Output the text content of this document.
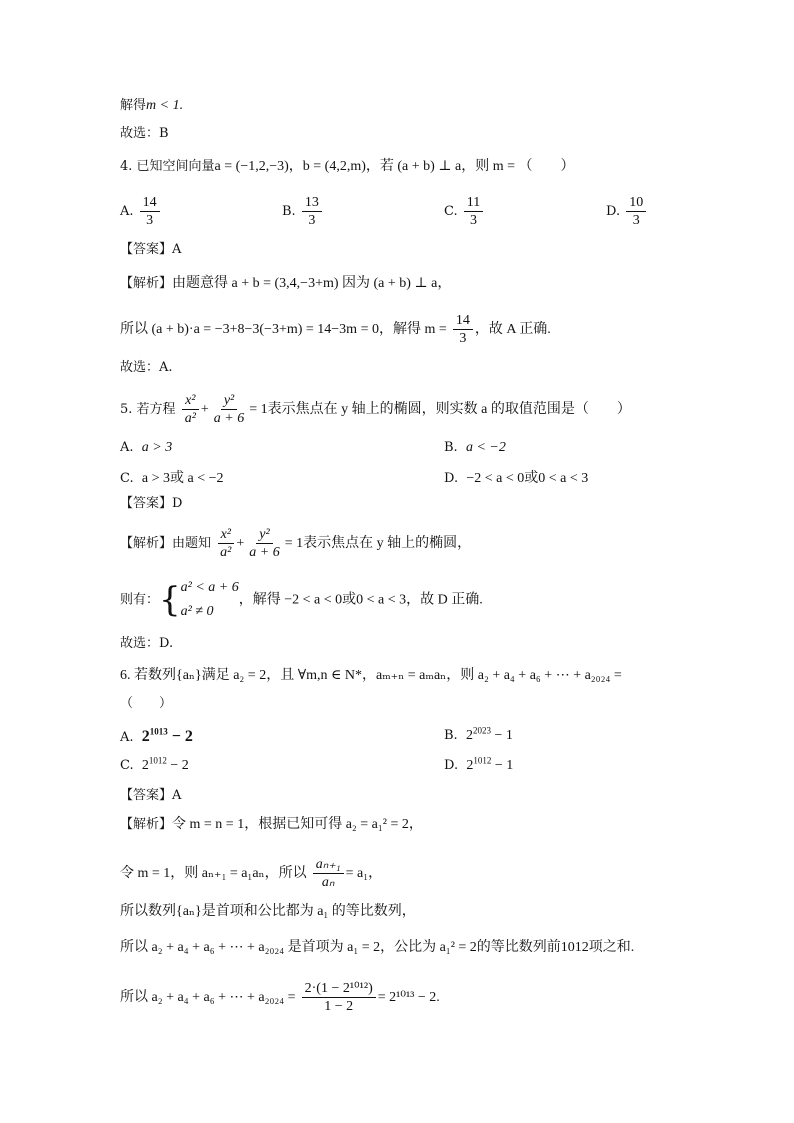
解得m < 1.
故选：B
4. 已知空间向量a = (−1,2,−3)，b = (4,2,m)，若 (a + b) ⊥ a，则 m = （　　）
A. $\frac{14}{3}$	B. $\frac{13}{3}$	C. $\frac{11}{3}$	D. $\frac{10}{3}$
【答案】A
【解析】由题意得 a + b = (3,4,−3+m) 因为 (a + b) ⊥ a，
所以 (a + b)·a = −3+8−3(−3+m) = 14−3m = 0，解得 $m = \frac{14}{3}$ ，故 A 正确.
故选：A.
5. 若方程 $\frac{\text{x²}}{\text{a²}} + \frac{\text{y²}}{a + 6} = 1$表示焦点在 y 轴上的椭圆，则实数 a 的取值范围是（　　）
A. a > 3	B. a < −2
C. a > 3或 a < −2	D. −2 < a < 0或0 < a < 3
【答案】D
【解析】由题知 $\frac{\text{x²}}{\text{a²}} + \frac{\text{y²}}{a + 6} = 1$表示焦点在 y 轴上的椭圆，
则有：{ a² < a + 6
a² ≠ 0
，解得 −2 < a < 0或0 < a < 3，故 D 正确.
故选：D.
6. 若数列{aₙ}满足 a₂ = 2，且 ∀m,n ∈ N*，aₘ₊ₙ = aₘaₙ，则 a₂ + a₄ + a₆ + ⋯ + a₂₀₂₄ =
（　　）
A. $2^{1013} - 2$	B. $2^{2023} - 1$
C. $2^{1012} - 2$	D. $2^{1012} - 1$
【答案】A
【解析】令 m = n = 1，根据已知可得 a₂ = a₁² = 2，
令 m = 1，则 aₙ₊₁ = a₁aₙ，所以 $\frac{\text{aₙ₊₁}}{\text{aₙ}} = a_1$，
所以数列{aₙ}是首项和公比都为 a₁ 的等比数列，
所以 a₂ + a₄ + a₆ + ⋯ + a₂₀₂₄ 是首项为 a₁ = 2，公比为 a₁² = 2的等比数列前1012项之和.
所以 a₂ + a₄ + a₆ + ⋯ + $a_{2024} = \frac{\text{2·(1 − 2¹⁰¹²)}}{1 - 2} = 2^{1013} - 2$.
